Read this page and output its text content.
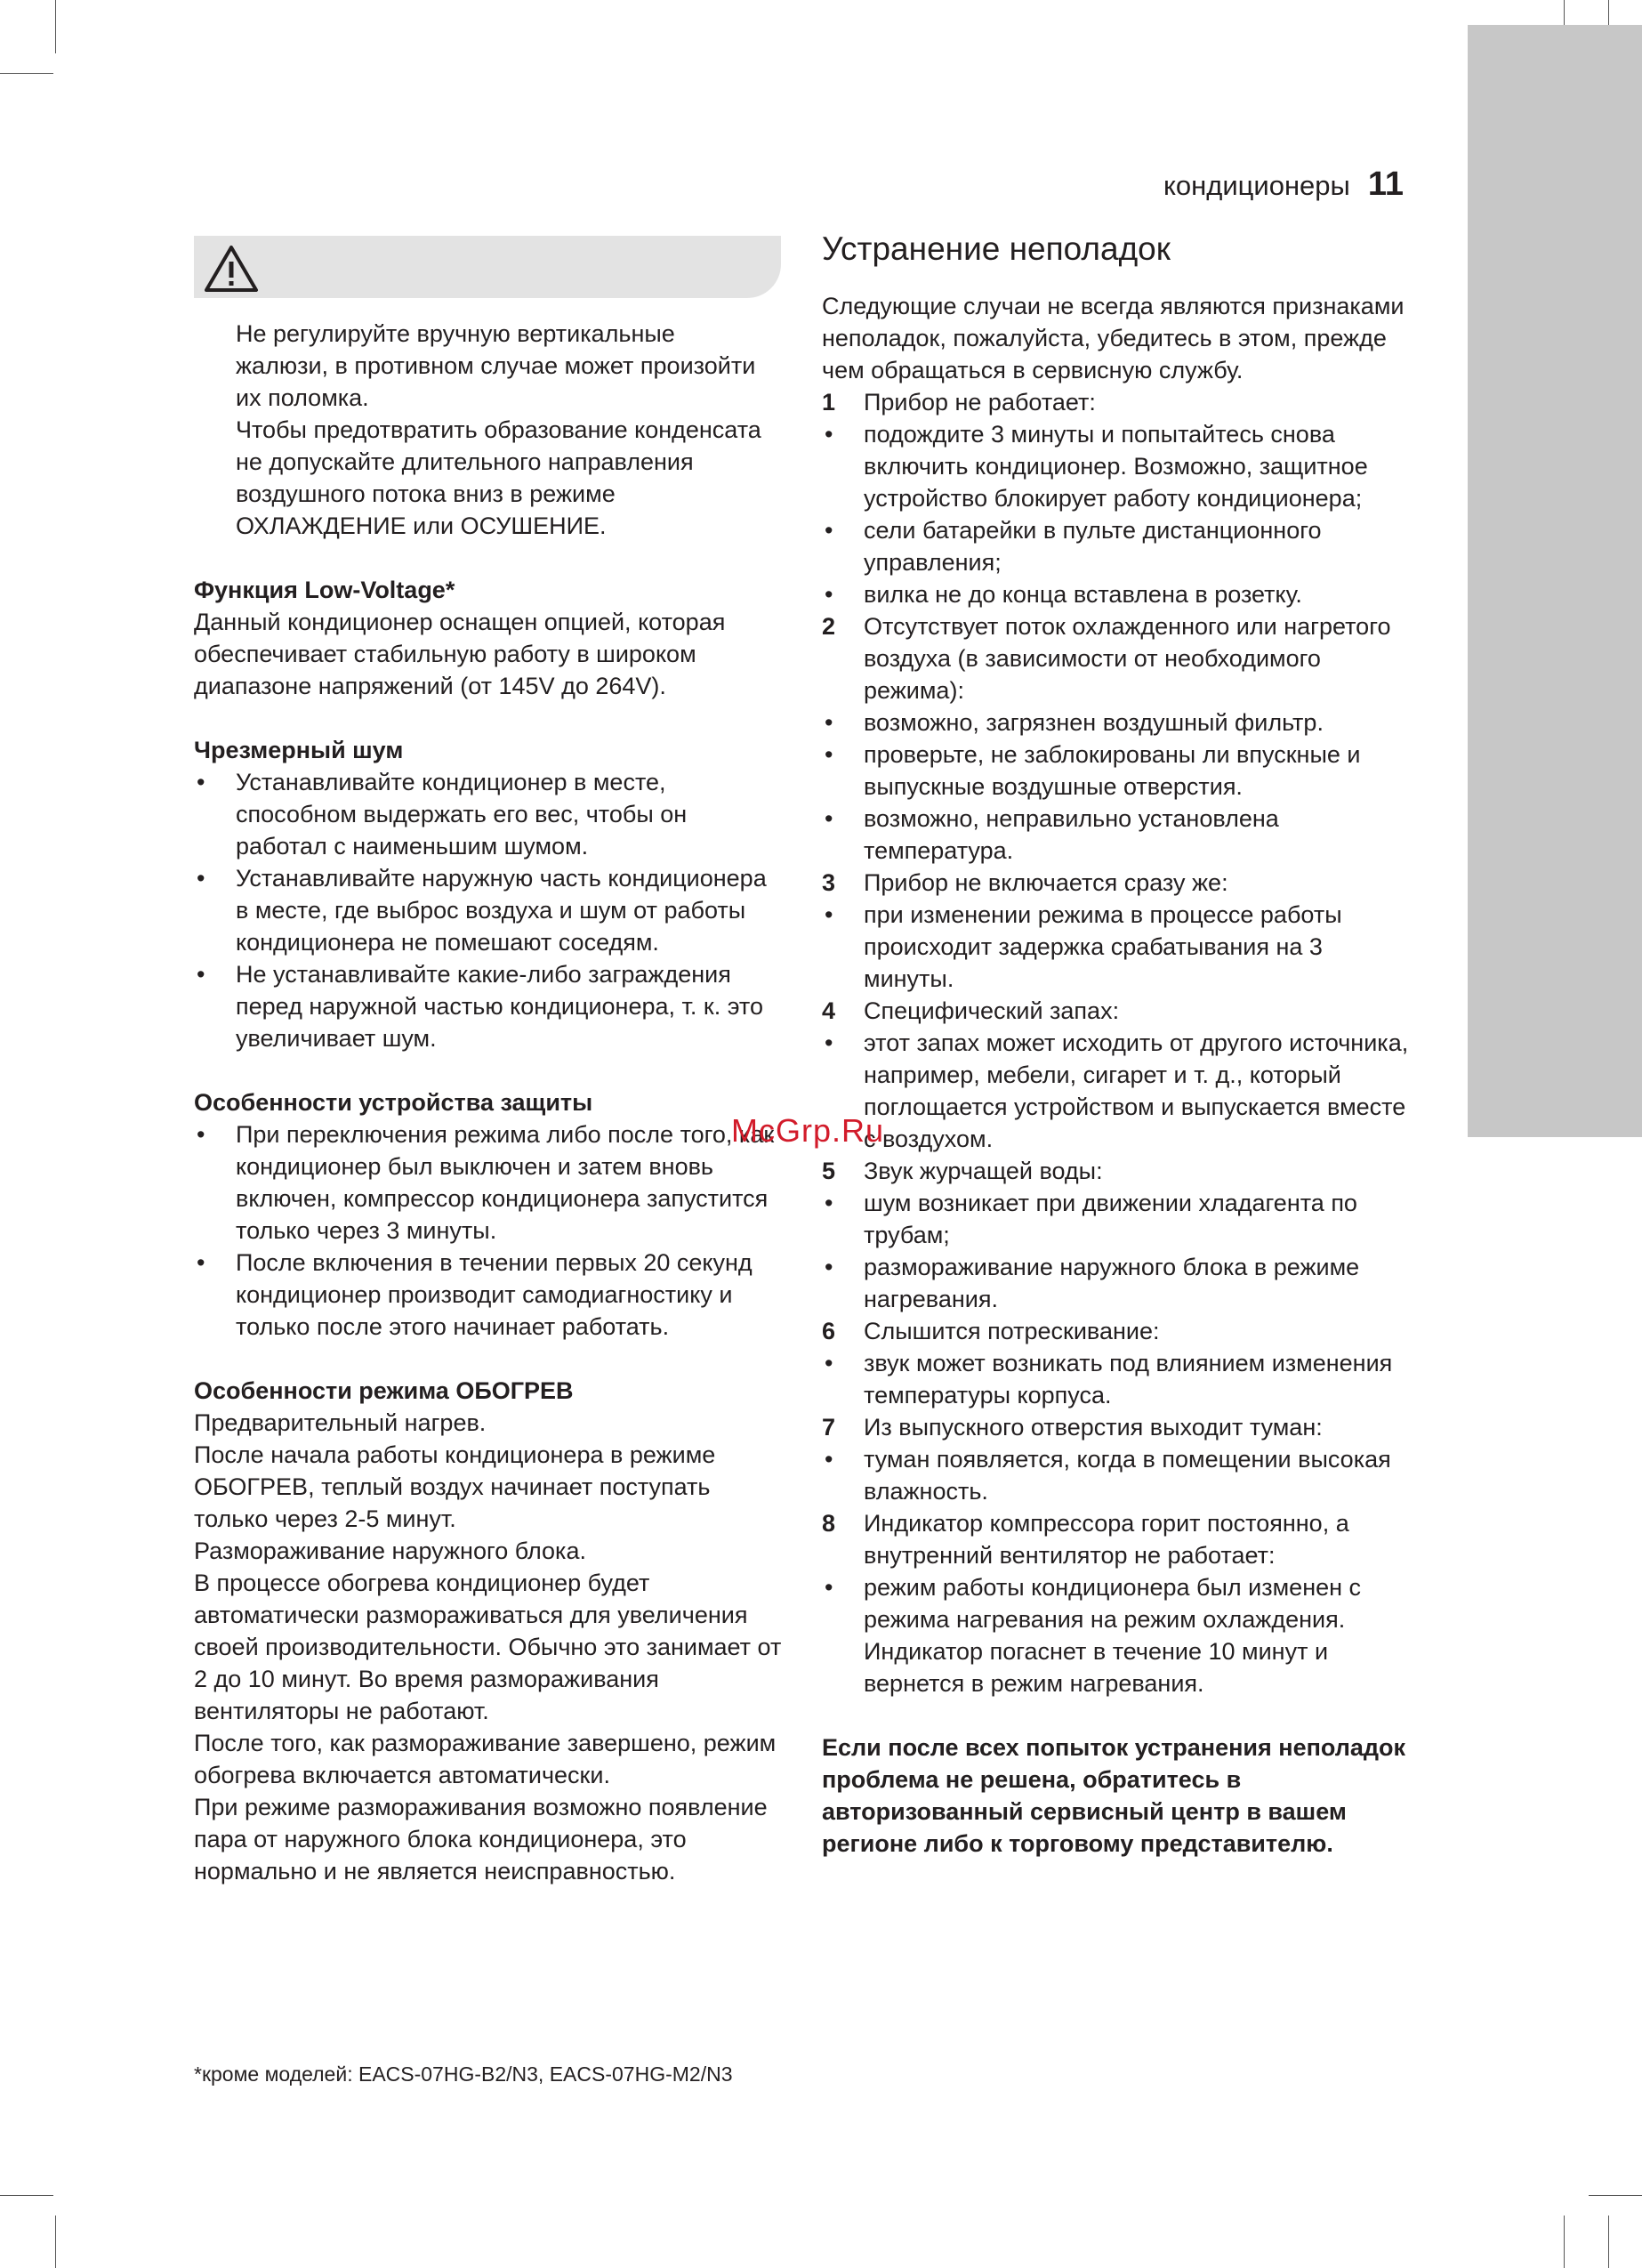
кондиционеры 11

Не регулируйте вручную вертикальные жалюзи, в противном случае может произойти их поломка.

Чтобы предотвратить образование конденсата не допускайте длительного направления воздушного потока вниз в режиме ОХЛАЖДЕНИЕ или ОСУШЕНИЕ.

Функция Low-Voltage*

Данный кондиционер оснащен опцией, которая обеспечивает стабильную работу в широком диапазоне напряжений (от 145V до 264V).

Чрезмерный шум
• Устанавливайте кондиционер в месте, способном выдержать его вес, чтобы он работал с наименьшим шумом.
• Устанавливайте наружную часть кондиционера в месте, где выброс воздуха и шум от работы кондиционера не помешают соседям.
• Не устанавливайте какие-либо заграждения перед наружной частью кондиционера, т. к. это увеличивает шум.
Особенности устройства защиты
• При переключения режима либо после того, как кондиционер был выключен и затем вновь включен, компрессор кондиционера запустится только через 3 минуты.
• После включения в течении первых 20 секунд кондиционер производит самодиагностику и только после этого начинает работать.
Особенности режима ОБОГРЕВ

Предварительный нагрев.

После начала работы кондиционера в режиме ОБОГРЕВ, теплый воздух начинает поступать только через 2-5 минут.

Размораживание наружного блока.

В процессе обогрева кондиционер будет автоматически размораживаться для увеличения своей производительности. Обычно это занимает от 2 до 10 минут. Во время размораживания вентиляторы не работают.

После того, как размораживание завершено, режим обогрева включается автоматически.

При режиме размораживания возможно появление пара от наружного блока кондиционера, это нормально и не является неисправностью.

*кроме моделей: EACS-07HG-B2/N3, EACS-07HG-M2/N3
Устранение неполадок

Следующие случаи не всегда являются признаками неполадок, пожалуйста, убедитесь в этом, прежде чем обращаться в сервисную службу.

1 Прибор не работает:
• подождите 3 минуты и попытайтесь снова включить кондиционер. Возможно, защитное устройство блокирует работу кондиционера;
• сели батарейки в пульте дистанционного управления;
• вилка не до конца вставлена в розетку.
2 Отсутствует поток охлажденного или нагретого воздуха (в зависимости от необходимого режима):
• возможно, загрязнен воздушный фильтр.
• проверьте, не заблокированы ли впускные и выпускные воздушные отверстия.
• возможно, неправильно установлена температура.
3 Прибор не включается сразу же:
• при изменении режима в процессе работы происходит задержка срабатывания на 3 минуты.
4 Специфический запах:
• этот запах может исходить от другого источника, например, мебели, сигарет и т. д., который поглощается устройством и выпускается вместе с воздухом.
5 Звук журчащей воды:
• шум возникает при движении хладагента по трубам;
• размораживание наружного блока в режиме нагревания.
6 Слышится потрескивание:
• звук может возникать под влиянием изменения температуры корпуса.
7 Из выпускного отверстия выходит туман:
• туман появляется, когда в помещении высокая влажность.
8 Индикатор компрессора горит постоянно, а внутренний вентилятор не работает:
• режим работы кондиционера был изменен с режима нагревания на режим охлаждения. Индикатор погаснет в течение 10 минут и вернется в режим нагревания.

Если после всех попыток устранения неполадок проблема не решена, обратитесь в авторизованный сервисный центр в вашем регионе либо к торговому представителю.

McGrp.Ru
